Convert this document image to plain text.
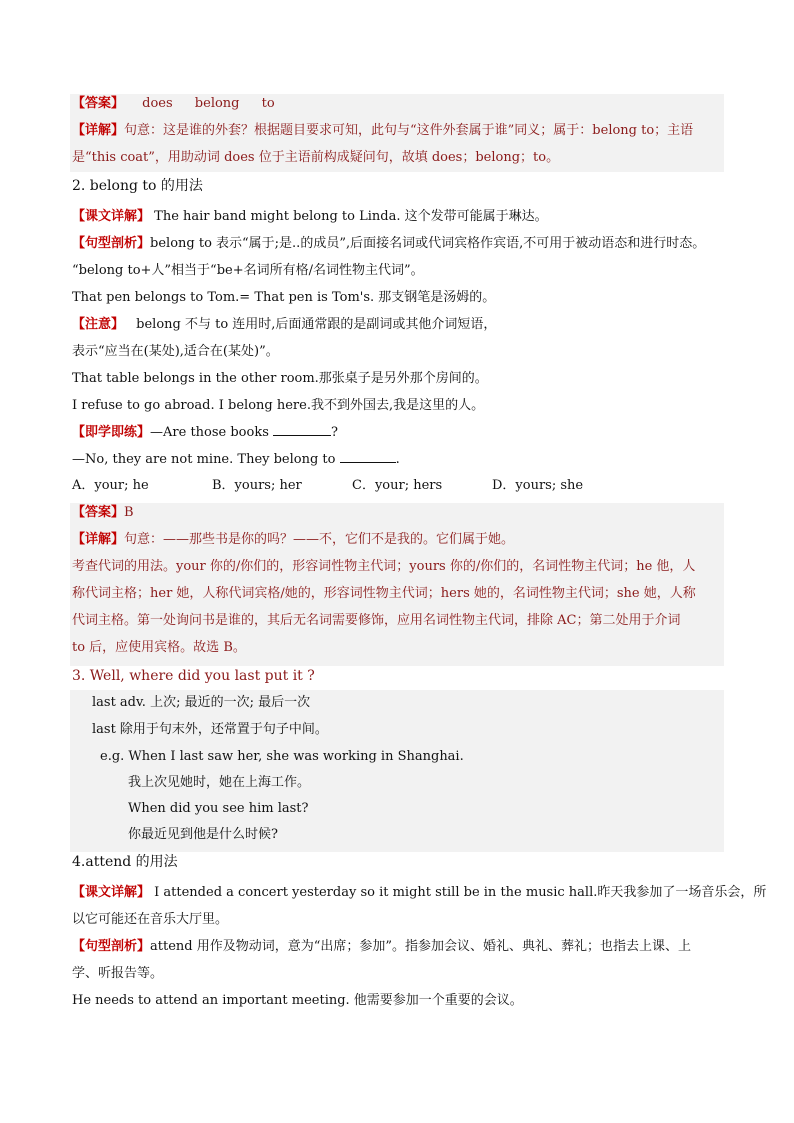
【答案】 does belong to
【详解】句意：这是谁的外套？根据题目要求可知，此句与“这件外套属于谁”同义；属于：belong to；主语
是“this coat”，用助动词 does 位于主语前构成疑问句，故填 does；belong；to。
2. belong to 的用法
【课文详解】 The hair band might belong to Linda. 这个发带可能属于琳达。
【句型剖析】belong to 表示“属于;是..的成员”,后面接名词或代词宾格作宾语,不可用于被动语态和进行时态。
“belong to+人”相当于“be+名词所有格/名词性物主代词”。
That pen belongs to Tom.= That pen is Tom's. 那支钢笔是汤姆的。
【注意】 belong 不与 to 连用时,后面通常跟的是副词或其他介词短语，
表示“应当在(某处),适合在(某处)”。
That table belongs in the other room.那张桌子是另外那个房间的。
I refuse to go abroad. I belong here.我不到外国去,我是这里的人。
【即学即练】—Are those books	?
—No, they are not mine. They belong to	.
A．your; he	B．yours; her	C．your; hers	D．yours; she
【答案】B
【详解】句意：——那些书是你的吗？——不，它们不是我的。它们属于她。
考查代词的用法。your 你的/你们的，形容词性物主代词；yours 你的/你们的，名词性物主代词；he 他，人
称代词主格；her 她，人称代词宾格/她的，形容词性物主代词；hers 她的，名词性物主代词；she 她，人称
代词主格。第一处询问书是谁的，其后无名词需要修饰，应用名词性物主代词，排除 AC；第二处用于介词
to 后，应使用宾格。故选 B。
3. Well, where did you last put it ?
last adv. 上次; 最近的一次; 最后一次
last 除用于句末外，还常置于句子中间。
e.g. When I last saw her, she was working in Shanghai.
我上次见她时，她在上海工作。
When did you see him last?
你最近见到他是什么时候?
4.attend 的用法
【课文详解】 I attended a concert yesterday so it might still be in the music hall.昨天我参加了一场音乐会，所
以它可能还在音乐大厅里。
【句型剖析】attend 用作及物动词，意为“出席；参加”。指参加会议、婚礼、典礼、葬礼；也指去上课、上
学、听报告等。
He needs to attend an important meeting. 他需要参加一个重要的会议。
